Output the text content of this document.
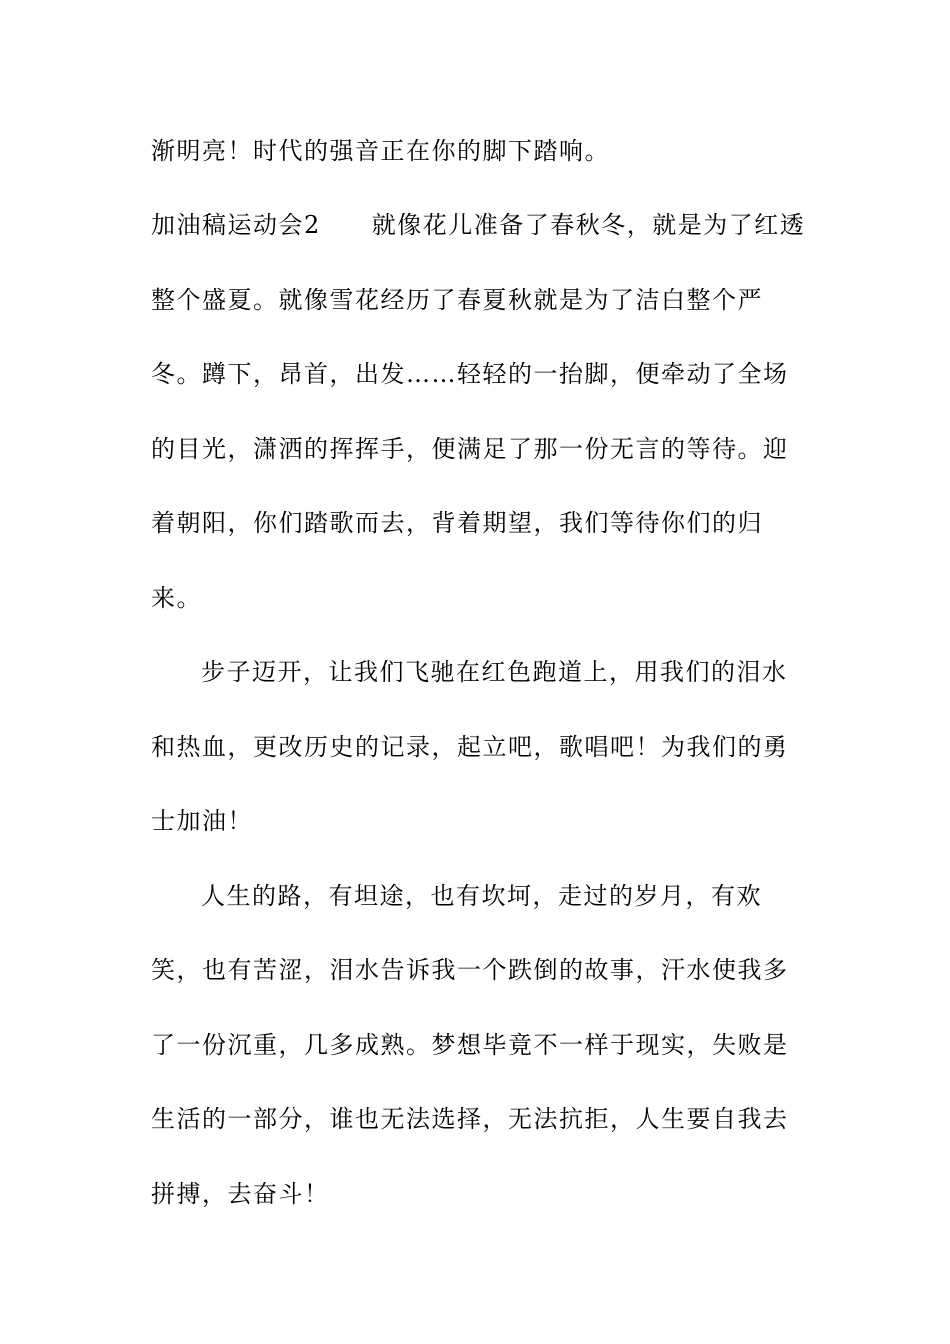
渐明亮！时代的强音正在你的脚下踏响。
加油稿运动会2　　就像花儿准备了春秋冬，就是为了红透
整个盛夏。就像雪花经历了春夏秋就是为了洁白整个严
冬。蹲下，昂首，出发……轻轻的一抬脚，便牵动了全场
的目光，潇洒的挥挥手，便满足了那一份无言的等待。迎
着朝阳，你们踏歌而去，背着期望，我们等待你们的归
来。
步子迈开，让我们飞驰在红色跑道上，用我们的泪水
和热血，更改历史的记录，起立吧，歌唱吧！为我们的勇
士加油！
人生的路，有坦途，也有坎坷，走过的岁月，有欢
笑，也有苦涩，泪水告诉我一个跌倒的故事，汗水使我多
了一份沉重，几多成熟。梦想毕竟不一样于现实，失败是
生活的一部分，谁也无法选择，无法抗拒，人生要自我去
拼搏，去奋斗！
